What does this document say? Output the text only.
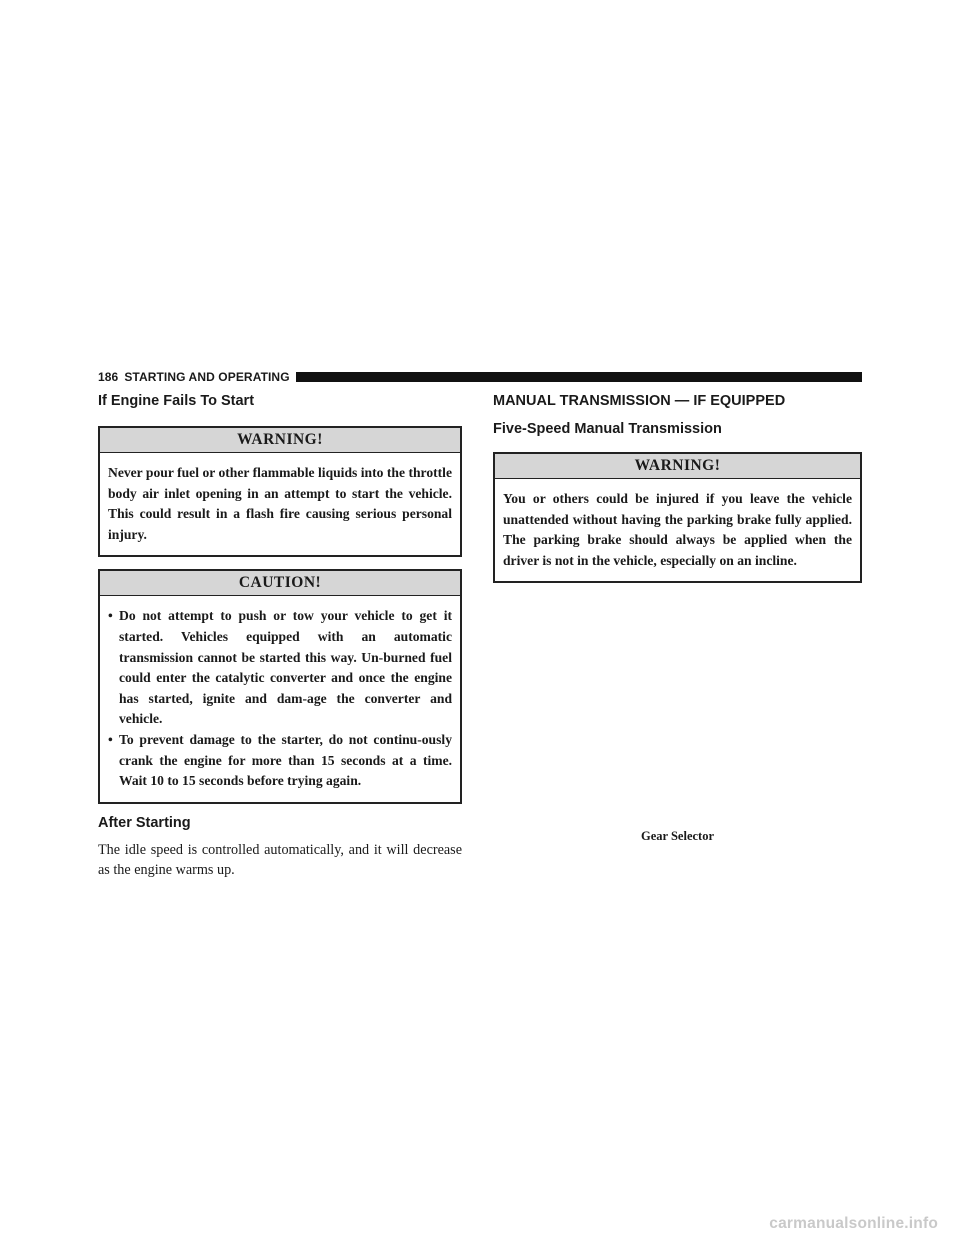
186 STARTING AND OPERATING
If Engine Fails To Start
WARNING!
Never pour fuel or other flammable liquids into the throttle body air inlet opening in an attempt to start the vehicle. This could result in a flash fire causing serious personal injury.
CAUTION!
• Do not attempt to push or tow your vehicle to get it started. Vehicles equipped with an automatic transmission cannot be started this way. Un-burned fuel could enter the catalytic converter and once the engine has started, ignite and dam-age the converter and vehicle.
• To prevent damage to the starter, do not continu-ously crank the engine for more than 15 seconds at a time. Wait 10 to 15 seconds before trying again.
After Starting

The idle speed is controlled automatically, and it will decrease as the engine warms up.

MANUAL TRANSMISSION — IF EQUIPPED
Five-Speed Manual Transmission
WARNING!
You or others could be injured if you leave the vehicle unattended without having the parking brake fully applied. The parking brake should always be applied when the driver is not in the vehicle, especially on an incline.
Gear Selector
carmanualsonline.info
